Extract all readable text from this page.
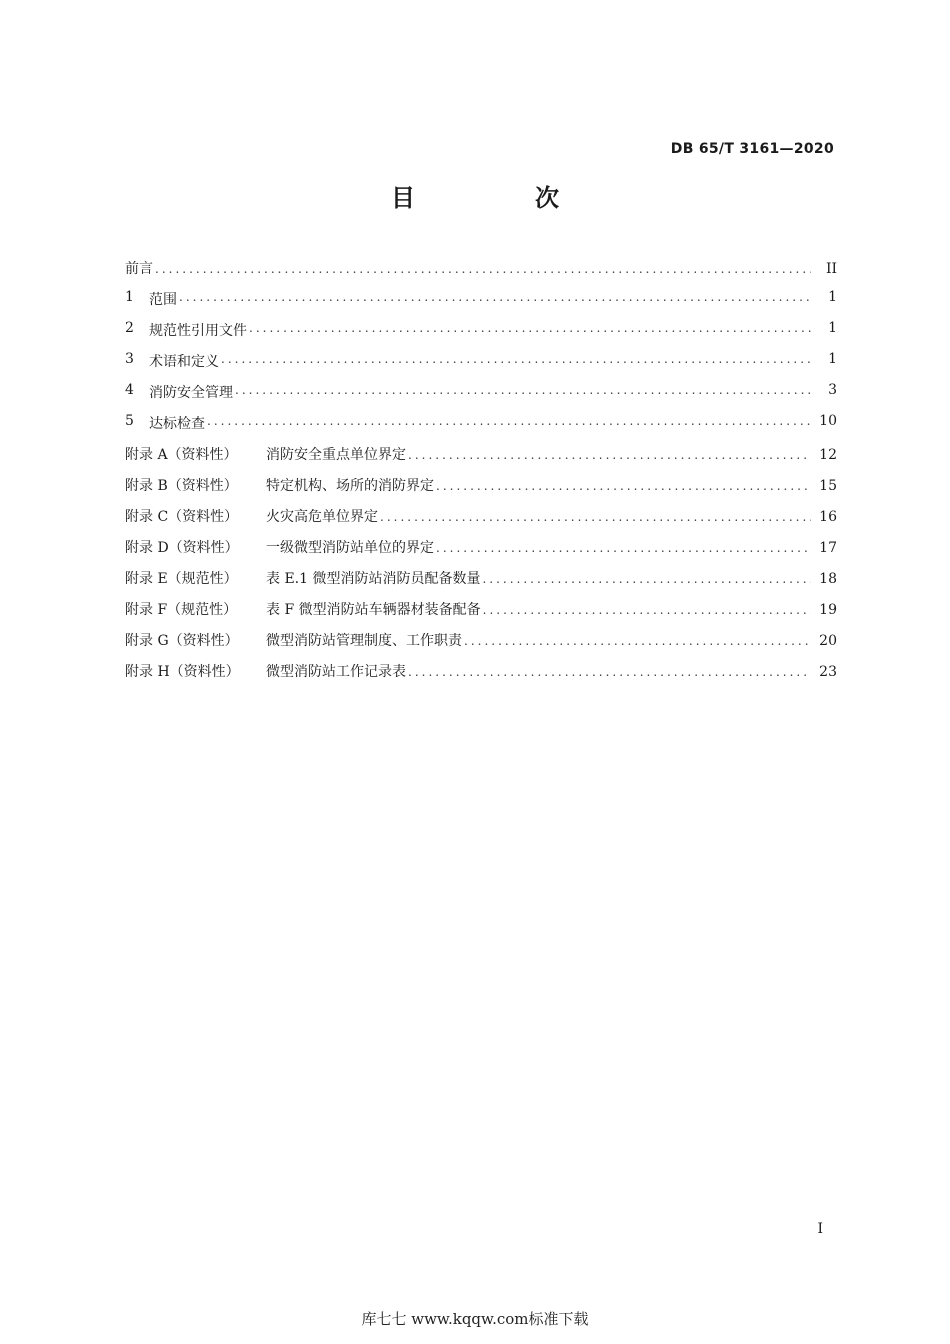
DB 65/T 3161—2020
目　次
前言 .....	II
1	范围 .....	1
2	规范性引用文件 .....	1
3	术语和定义 .....	1
4	消防安全管理 .....	3
5	达标检查 .....	10
附录 A（资料性）	消防安全重点单位界定 .....	12
附录 B（资料性）	特定机构、场所的消防界定 .....	15
附录 C（资料性）	火灾高危单位界定 .....	16
附录 D（资料性）	一级微型消防站单位的界定 .....	17
附录 E（规范性）	表 E.1 微型消防站消防员配备数量 .....	18
附录 F（规范性）	表 F 微型消防站车辆器材装备配备 .....	19
附录 G（资料性）	微型消防站管理制度、工作职责 .....	20
附录 H（资料性）	微型消防站工作记录表 .....	23
I
库七七 www.kqqw.com标准下载
